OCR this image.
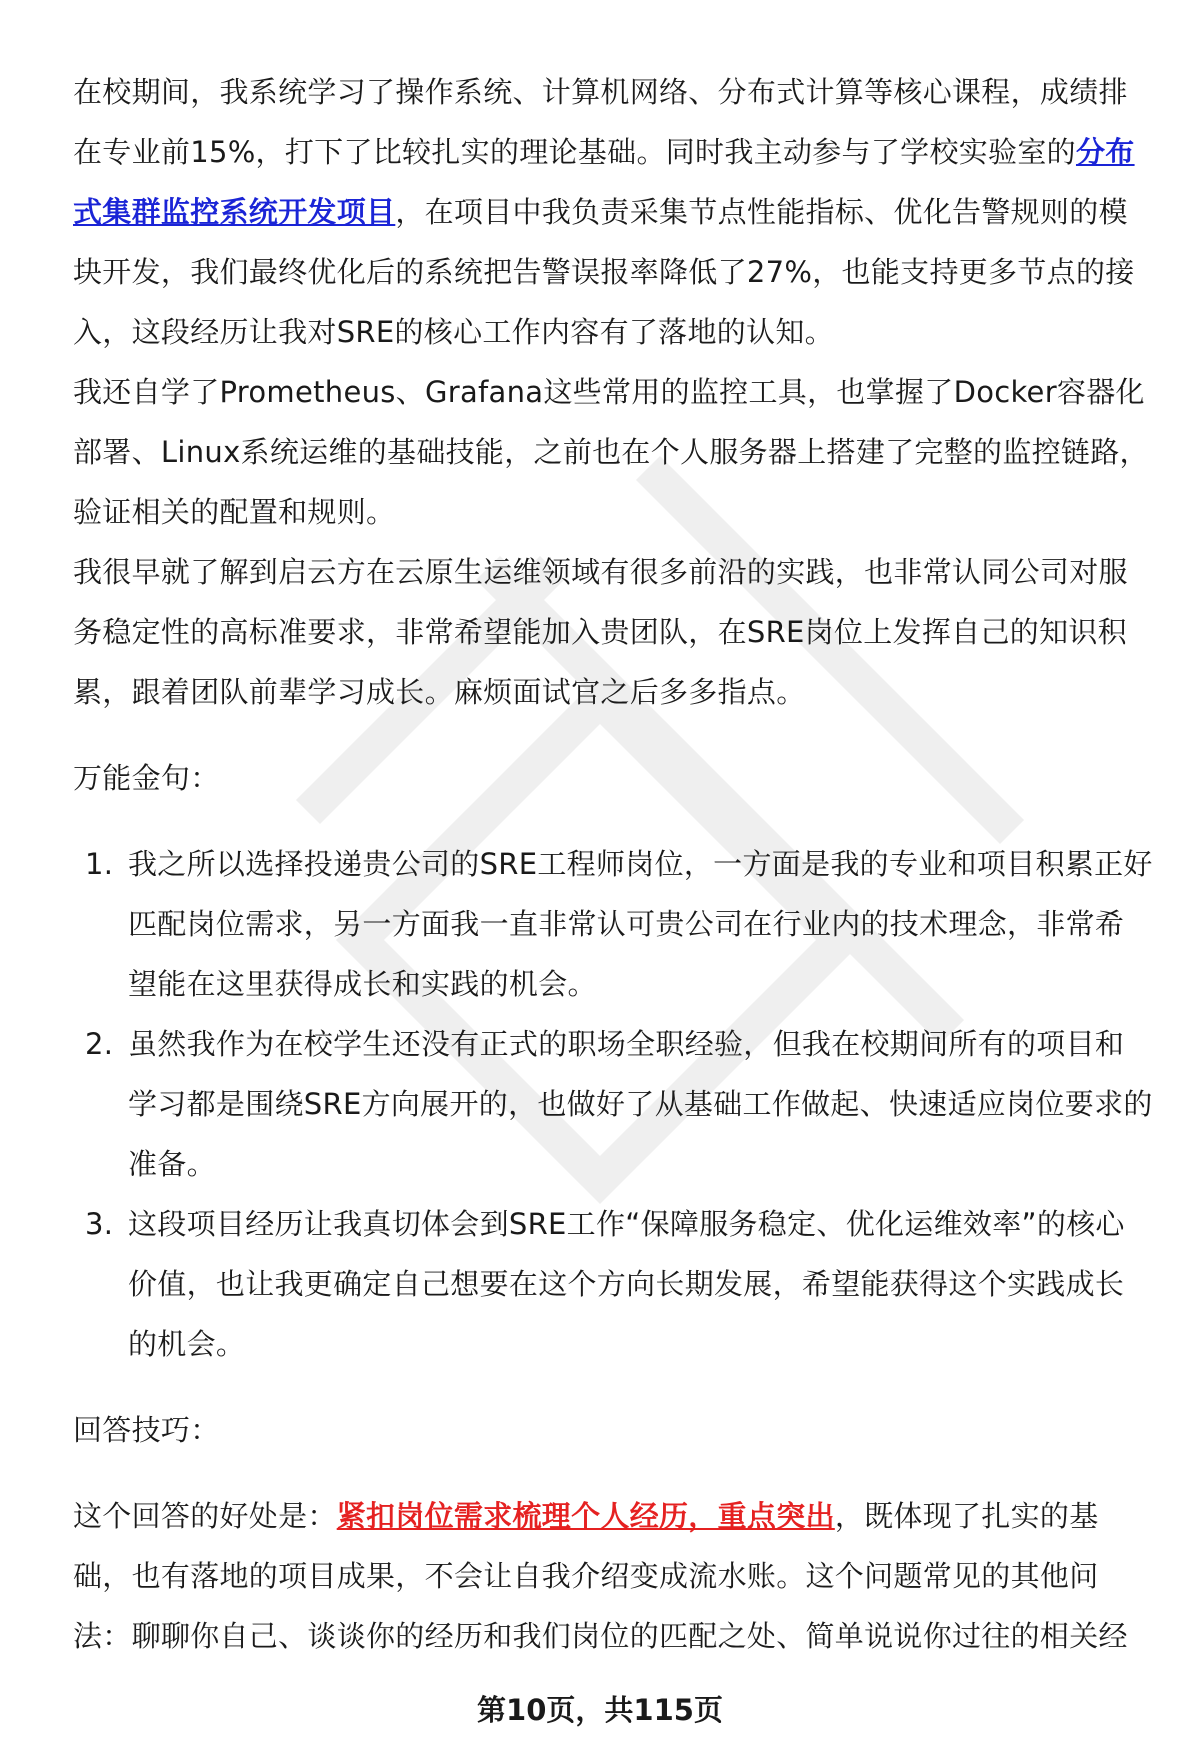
在校期间，我系统学习了操作系统、计算机网络、分布式计算等核心课程，成绩排在专业前15%，打下了比较扎实的理论基础。同时我主动参与了学校实验室的分布式集群监控系统开发项目，在项目中我负责采集节点性能指标、优化告警规则的模块开发，我们最终优化后的系统把告警误报率降低了27%，也能支持更多节点的接入，这段经历让我对SRE的核心工作内容有了落地的认知。

我还自学了Prometheus、Grafana这些常用的监控工具，也掌握了Docker容器化部署、Linux系统运维的基础技能，之前也在个人服务器上搭建了完整的监控链路，验证相关的配置和规则。

我很早就了解到启云方在云原生运维领域有很多前沿的实践，也非常认同公司对服务稳定性的高标准要求，非常希望能加入贵团队，在SRE岗位上发挥自己的知识积累，跟着团队前辈学习成长。麻烦面试官之后多多指点。

万能金句：

1. 我之所以选择投递贵公司的SRE工程师岗位，一方面是我的专业和项目积累正好匹配岗位需求，另一方面我一直非常认可贵公司在行业内的技术理念，非常希望能在这里获得成长和实践的机会。
2. 虽然我作为在校学生还没有正式的职场全职经验，但我在校期间所有的项目和学习都是围绕SRE方向展开的，也做好了从基础工作做起、快速适应岗位要求的准备。
3. 这段项目经历让我真切体会到SRE工作“保障服务稳定、优化运维效率”的核心价值，也让我更确定自己想要在这个方向长期发展，希望能获得这个实践成长的机会。

回答技巧：

这个回答的好处是：紧扣岗位需求梳理个人经历，重点突出，既体现了扎实的基础，也有落地的项目成果，不会让自我介绍变成流水账。这个问题常见的其他问法：聊聊你自己、谈谈你的经历和我们岗位的匹配之处、简单说说你过往的相关经

第10页，共115页
